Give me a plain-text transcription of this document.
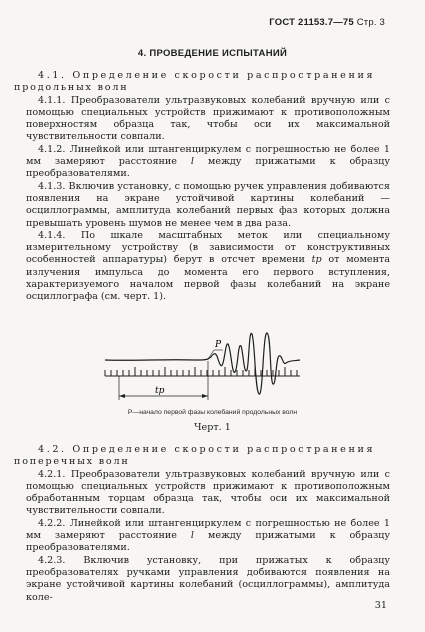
ГОСТ 21153.7—75 Стр. 3
4. ПРОВЕДЕНИЕ ИСПЫТАНИЙ
4.1. Определение скорости распространения
продольных волн
4.1.1. Преобразователи ультразвуковых колебаний вручную или с помощью специальных устройств прижимают к противоположным поверхностям образца так, чтобы оси их максимальной чувствительности совпали.
4.1.2. Линейкой или штангенциркулем с погрешностью не более 1 мм замеряют расстояние l между прижатыми к образцу преобразователями.
4.1.3. Включив установку, с помощью ручек управления добиваются появления на экране устойчивой картины колебаний — осциллограммы, амплитуда колебаний первых фаз которых должна превышать уровень шумов не менее чем в два раза.
4.1.4. По шкале масштабных меток или специальному измерительному устройству (в зависимости от конструктивных особенностей аппаратуры) берут в отсчет времени tр от момента излучения импульса до момента его первого вступления, характеризуемого началом первой фазы колебаний на экране осциллографа (см. черт. 1).
P
tр
P—начало первой фазы колебаний продольных волн
Черт. 1
4.2. Определение скорости распространения
поперечных волн
4.2.1. Преобразователи ультразвуковых колебаний вручную или с помощью специальных устройств прижимают к противоположным обработанным торцам образца так, чтобы оси их максимальной чувствительности совпали.
4.2.2. Линейкой или штангенциркулем с погрешностью не более 1 мм замеряют расстояние l между прижатыми к образцу преобразователями.
4.2.3. Включив установку, при прижатых к образцу преобразователях ручками управления добиваются появления на экране устойчивой картины колебаний (осциллограммы), амплитуда коле-
31
